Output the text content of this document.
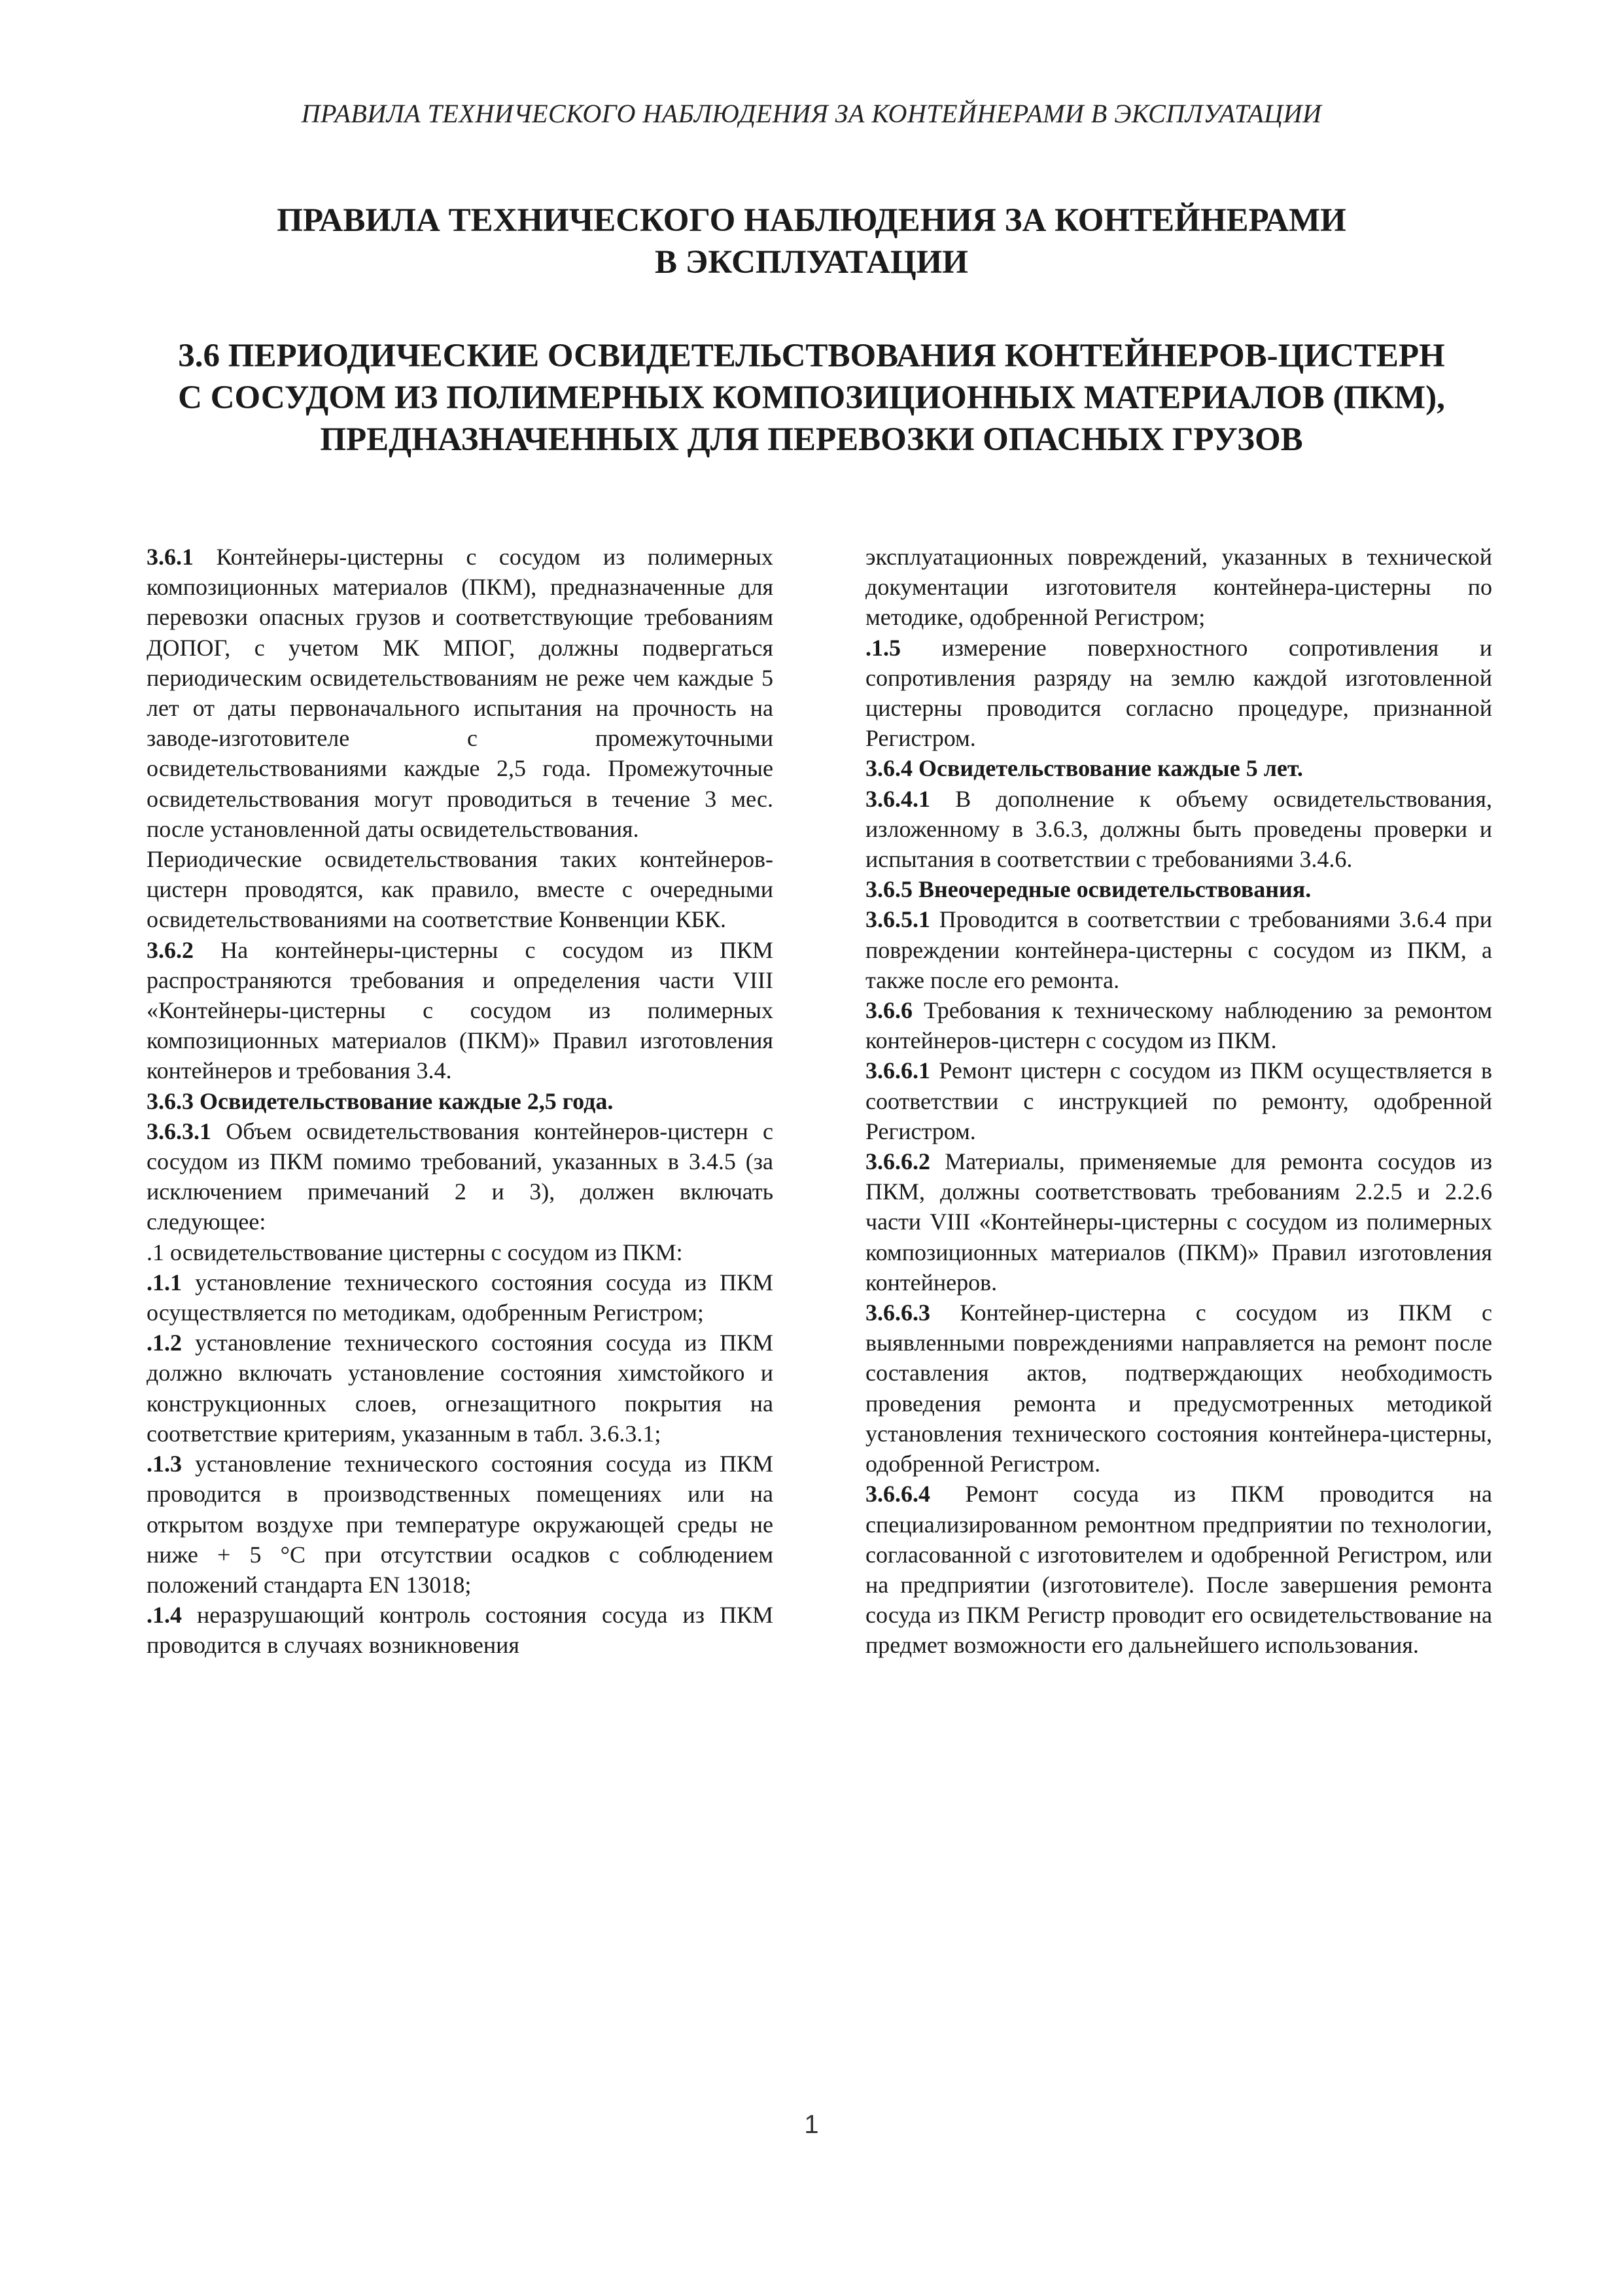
ПРАВИЛА ТЕХНИЧЕСКОГО НАБЛЮДЕНИЯ ЗА КОНТЕЙНЕРАМИ В ЭКСПЛУАТАЦИИ
ПРАВИЛА ТЕХНИЧЕСКОГО НАБЛЮДЕНИЯ ЗА КОНТЕЙНЕРАМИ
В ЭКСПЛУАТАЦИИ
3.6 ПЕРИОДИЧЕСКИЕ ОСВИДЕТЕЛЬСТВОВАНИЯ КОНТЕЙНЕРОВ-ЦИСТЕРН
С СОСУДОМ ИЗ ПОЛИМЕРНЫХ КОМПОЗИЦИОННЫХ МАТЕРИАЛОВ (ПКМ),
ПРЕДНАЗНАЧЕННЫХ ДЛЯ ПЕРЕВОЗКИ ОПАСНЫХ ГРУЗОВ

3.6.1 Контейнеры-цистерны с сосудом из полимерных композиционных материалов (ПКМ), предназначенные для перевозки опасных грузов и соответствующие требованиям ДОПОГ, с учетом МК МПОГ, должны подвергаться периодическим освидетельствованиям не реже чем каждые 5 лет от даты первоначального испытания на прочность на заводе-изготовителе с промежуточными освидетельствованиями каждые 2,5 года. Промежуточные освидетельствования могут проводиться в течение 3 мес. после установленной даты освидетельствования.

Периодические освидетельствования таких контейнеров-цистерн проводятся, как правило, вместе с очередными освидетельствованиями на соответствие Конвенции КБК.

3.6.2 На контейнеры-цистерны с сосудом из ПКМ распространяются требования и определения части VIII «Контейнеры-цистерны с сосудом из полимерных композиционных материалов (ПКМ)» Правил изготовления контейнеров и требования 3.4.

3.6.3 Освидетельствование каждые 2,5 года.

3.6.3.1 Объем освидетельствования контейнеров-цистерн с сосудом из ПКМ помимо требований, указанных в 3.4.5 (за исключением примечаний 2 и 3), должен включать следующее:

.1 освидетельствование цистерны с сосудом из ПКМ:

.1.1 установление технического состояния сосуда из ПКМ осуществляется по методикам, одобренным Регистром;

.1.2 установление технического состояния сосуда из ПКМ должно включать установление состояния химстойкого и конструкционных слоев, огнезащитного покрытия на соответствие критериям, указанным в табл. 3.6.3.1;

.1.3 установление технического состояния сосуда из ПКМ проводится в производственных помещениях или на открытом воздухе при температуре окружающей среды не ниже + 5 °С при отсутствии осадков с соблюдением положений стандарта EN 13018;

.1.4 неразрушающий контроль состояния сосуда из ПКМ проводится в случаях возникновения

эксплуатационных повреждений, указанных в технической документации изготовителя контейнера-цистерны по методике, одобренной Регистром;

.1.5 измерение поверхностного сопротивления и сопротивления разряду на землю каждой изготовленной цистерны проводится согласно процедуре, признанной Регистром.

3.6.4 Освидетельствование каждые 5 лет.

3.6.4.1 В дополнение к объему освидетельствования, изложенному в 3.6.3, должны быть проведены проверки и испытания в соответствии с требованиями 3.4.6.

3.6.5 Внеочередные освидетельствования.

3.6.5.1 Проводится в соответствии с требованиями 3.6.4 при повреждении контейнера-цистерны с сосудом из ПКМ, а также после его ремонта.

3.6.6 Требования к техническому наблюдению за ремонтом контейнеров-цистерн с сосудом из ПКМ.

3.6.6.1 Ремонт цистерн с сосудом из ПКМ осуществляется в соответствии с инструкцией по ремонту, одобренной Регистром.

3.6.6.2 Материалы, применяемые для ремонта сосудов из ПКМ, должны соответствовать требованиям 2.2.5 и 2.2.6 части VIII «Контейнеры-цистерны с сосудом из полимерных композиционных материалов (ПКМ)» Правил изготовления контейнеров.

3.6.6.3 Контейнер-цистерна с сосудом из ПКМ с выявленными повреждениями направляется на ремонт после составления актов, подтверждающих необходимость проведения ремонта и предусмотренных методикой установления технического состояния контейнера-цистерны, одобренной Регистром.

3.6.6.4 Ремонт сосуда из ПКМ проводится на специализированном ремонтном предприятии по технологии, согласованной с изготовителем и одобренной Регистром, или на предприятии (изготовителе). После завершения ремонта сосуда из ПКМ Регистр проводит его освидетельствование на предмет возможности его дальнейшего использования.

1
